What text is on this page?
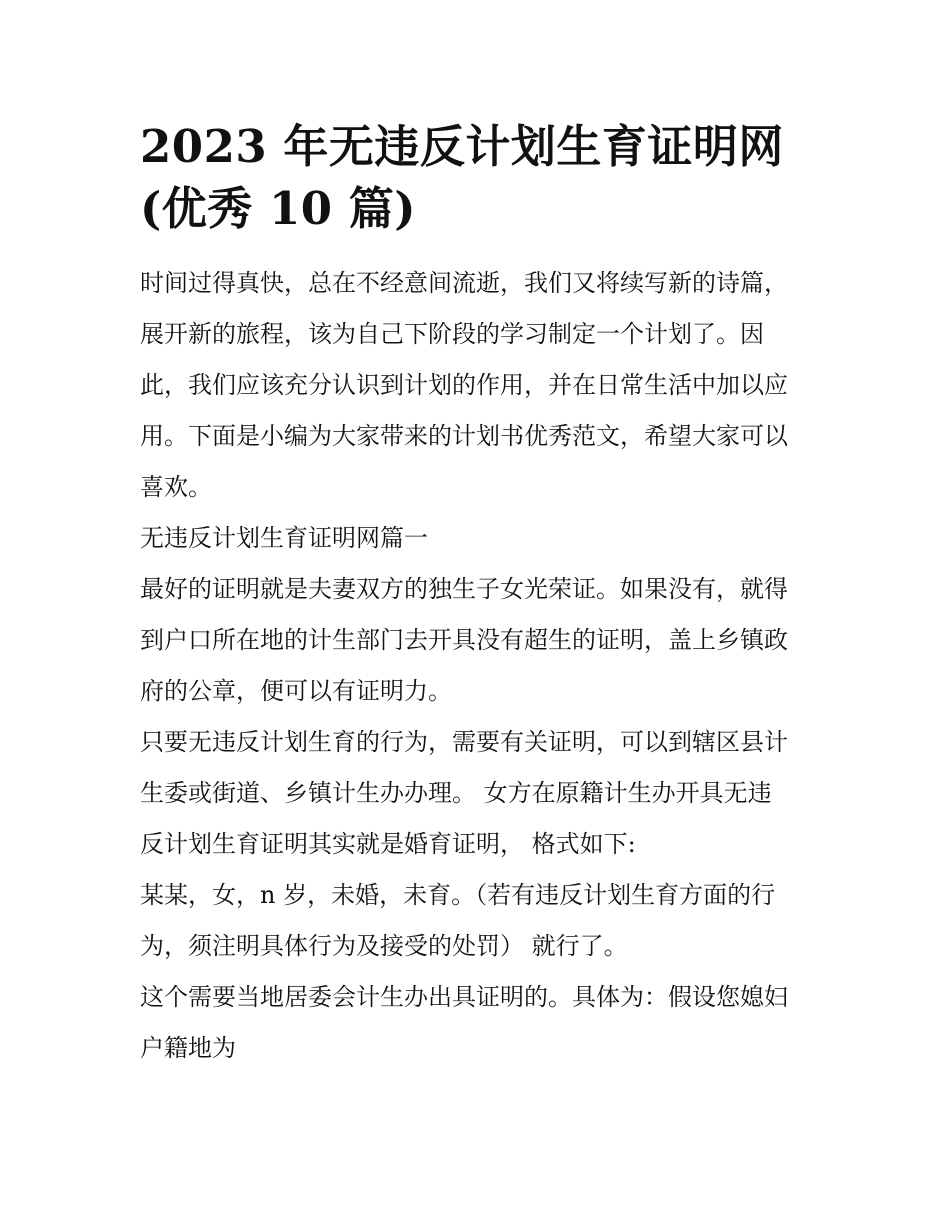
2023 年无违反计划生育证明网
(优秀 10 篇)

时间过得真快，总在不经意间流逝，我们又将续写新的诗篇，
展开新的旅程，该为自己下阶段的学习制定一个计划了。因
此，我们应该充分认识到计划的作用，并在日常生活中加以应
用。下面是小编为大家带来的计划书优秀范文，希望大家可以
喜欢。

无违反计划生育证明网篇一

最好的证明就是夫妻双方的独生子女光荣证。如果没有，就得
到户口所在地的计生部门去开具没有超生的证明，盖上乡镇政
府的公章，便可以有证明力。

只要无违反计划生育的行为，需要有关证明，可以到辖区县计
生委或街道、乡镇计生办办理。 女方在原籍计生办开具无违
反计划生育证明其实就是婚育证明， 格式如下:

某某，女，n 岁，未婚，未育。（若有违反计划生育方面的行
为，须注明具体行为及接受的处罚） 就行了。

这个需要当地居委会计生办出具证明的。具体为：假设您媳妇
户籍地为
